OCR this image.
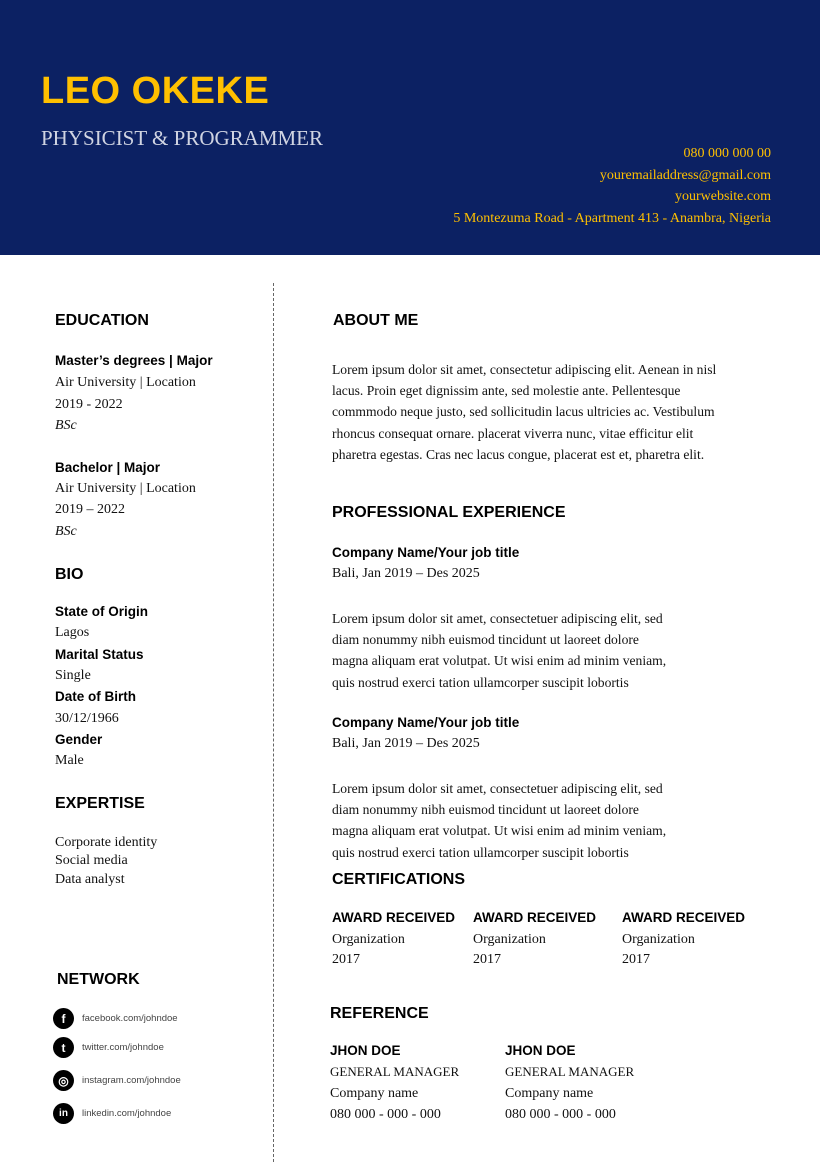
LEO OKEKE
PHYSICIST & PROGRAMMER
080 000 000 00
youremailaddress@gmail.com
yourwebsite.com
5 Montezuma Road - Apartment 413 - Anambra, Nigeria
EDUCATION
Master’s degrees | Major
Air University | Location
2019 - 2022
BSc
Bachelor | Major
Air University | Location
2019 – 2022
BSc
BIO
State of Origin
Lagos
Marital Status
Single
Date of Birth
30/12/1966
Gender
Male
EXPERTISE
Corporate identity
Social media
Data analyst
NETWORK
f	facebook.com/johndoe
t	twitter.com/johndoe
◎	instagram.com/johndoe
in	linkedin.com/johndoe
ABOUT ME
Lorem ipsum dolor sit amet, consectetur adipiscing elit. Aenean in nisl
lacus. Proin eget dignissim ante, sed molestie ante. Pellentesque
commmodo neque justo, sed sollicitudin lacus ultricies ac. Vestibulum
rhoncus consequat ornare. placerat viverra nunc, vitae efficitur elit
pharetra egestas. Cras nec lacus congue, placerat est et, pharetra elit.
PROFESSIONAL EXPERIENCE
Company Name/Your job title
Bali, Jan 2019 – Des 2025
Lorem ipsum dolor sit amet, consectetuer adipiscing elit, sed
diam nonummy nibh euismod tincidunt ut laoreet dolore
magna aliquam erat volutpat. Ut wisi enim ad minim veniam,
quis nostrud exerci tation ullamcorper suscipit lobortis
Company Name/Your job title
Bali, Jan 2019 – Des 2025
Lorem ipsum dolor sit amet, consectetuer adipiscing elit, sed
diam nonummy nibh euismod tincidunt ut laoreet dolore
magna aliquam erat volutpat. Ut wisi enim ad minim veniam,
quis nostrud exerci tation ullamcorper suscipit lobortis
CERTIFICATIONS
AWARD RECEIVED
Organization
2017
AWARD RECEIVED
Organization
2017
AWARD RECEIVED
Organization
2017
REFERENCE
JHON DOE
GENERAL MANAGER
Company name
080 000 - 000 - 000
JHON DOE
GENERAL MANAGER
Company name
080 000 - 000 - 000
